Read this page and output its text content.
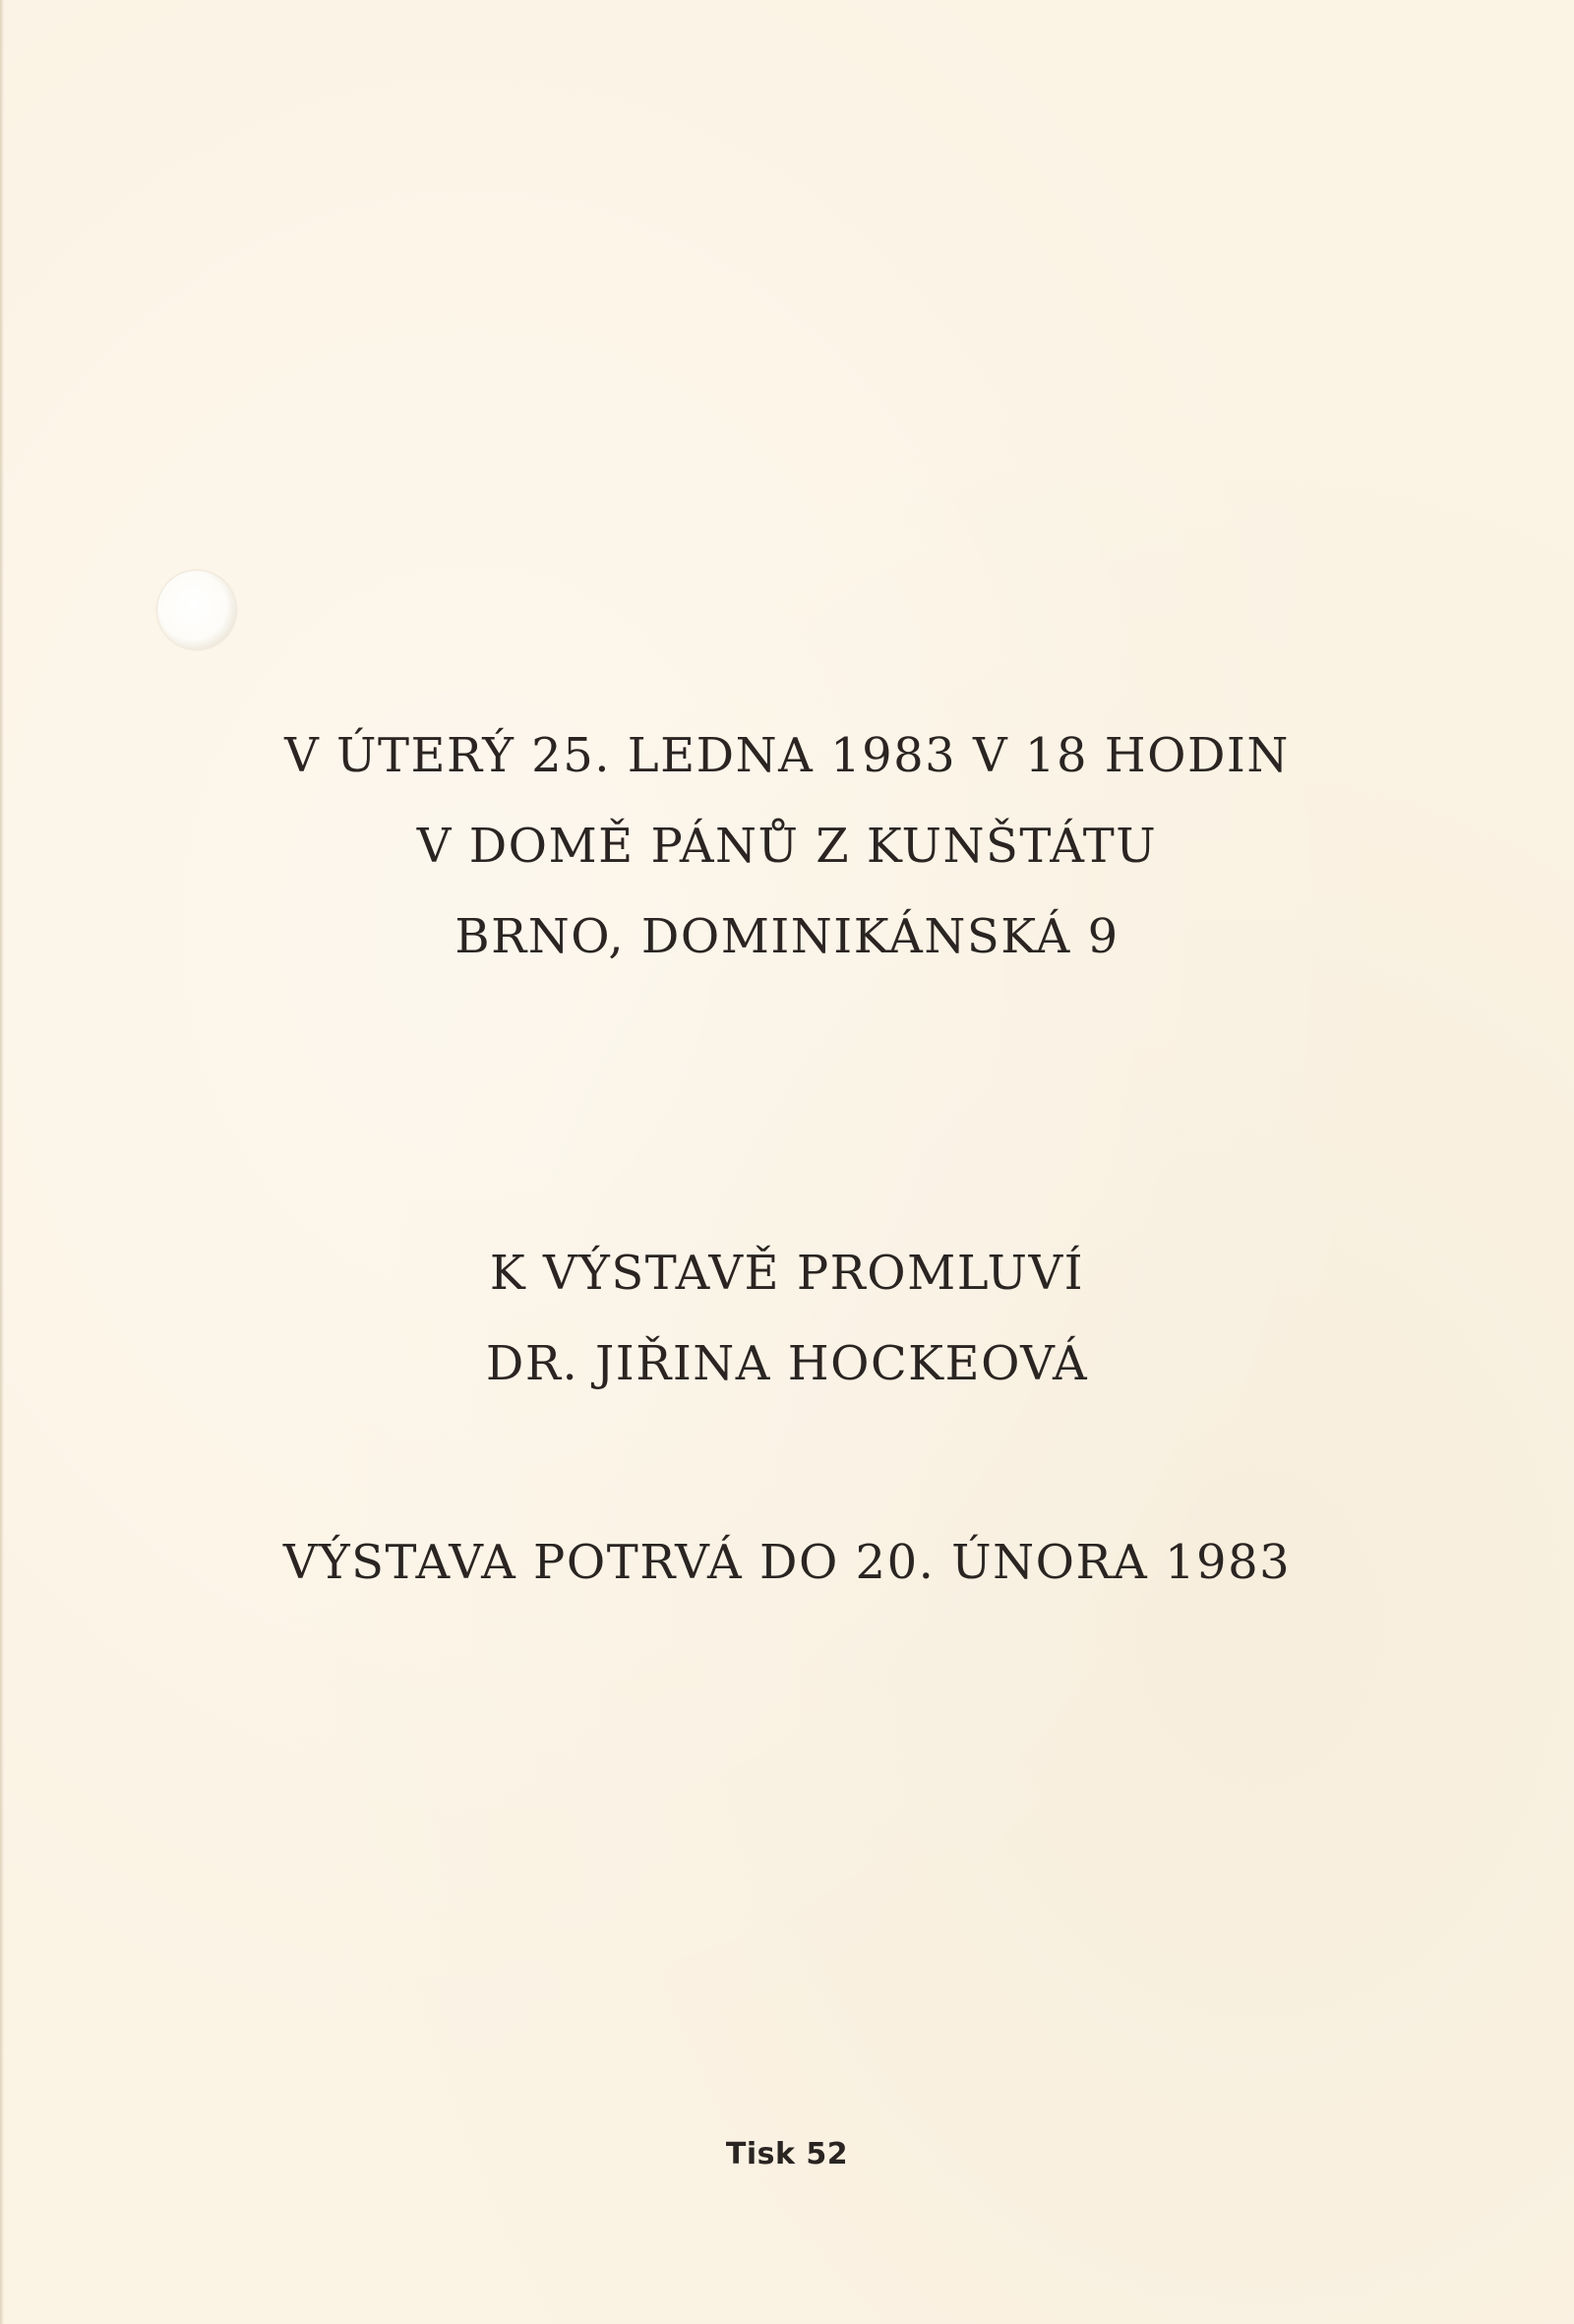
V ÚTERÝ 25. LEDNA 1983 V 18 HODIN
V DOMĚ PÁNŮ Z KUNŠTÁTU
BRNO, DOMINIKÁNSKÁ 9
K VÝSTAVĚ PROMLUVÍ
DR. JIŘINA HOCKEOVÁ
VÝSTAVA POTRVÁ DO 20. ÚNORA 1983
Tisk 52
